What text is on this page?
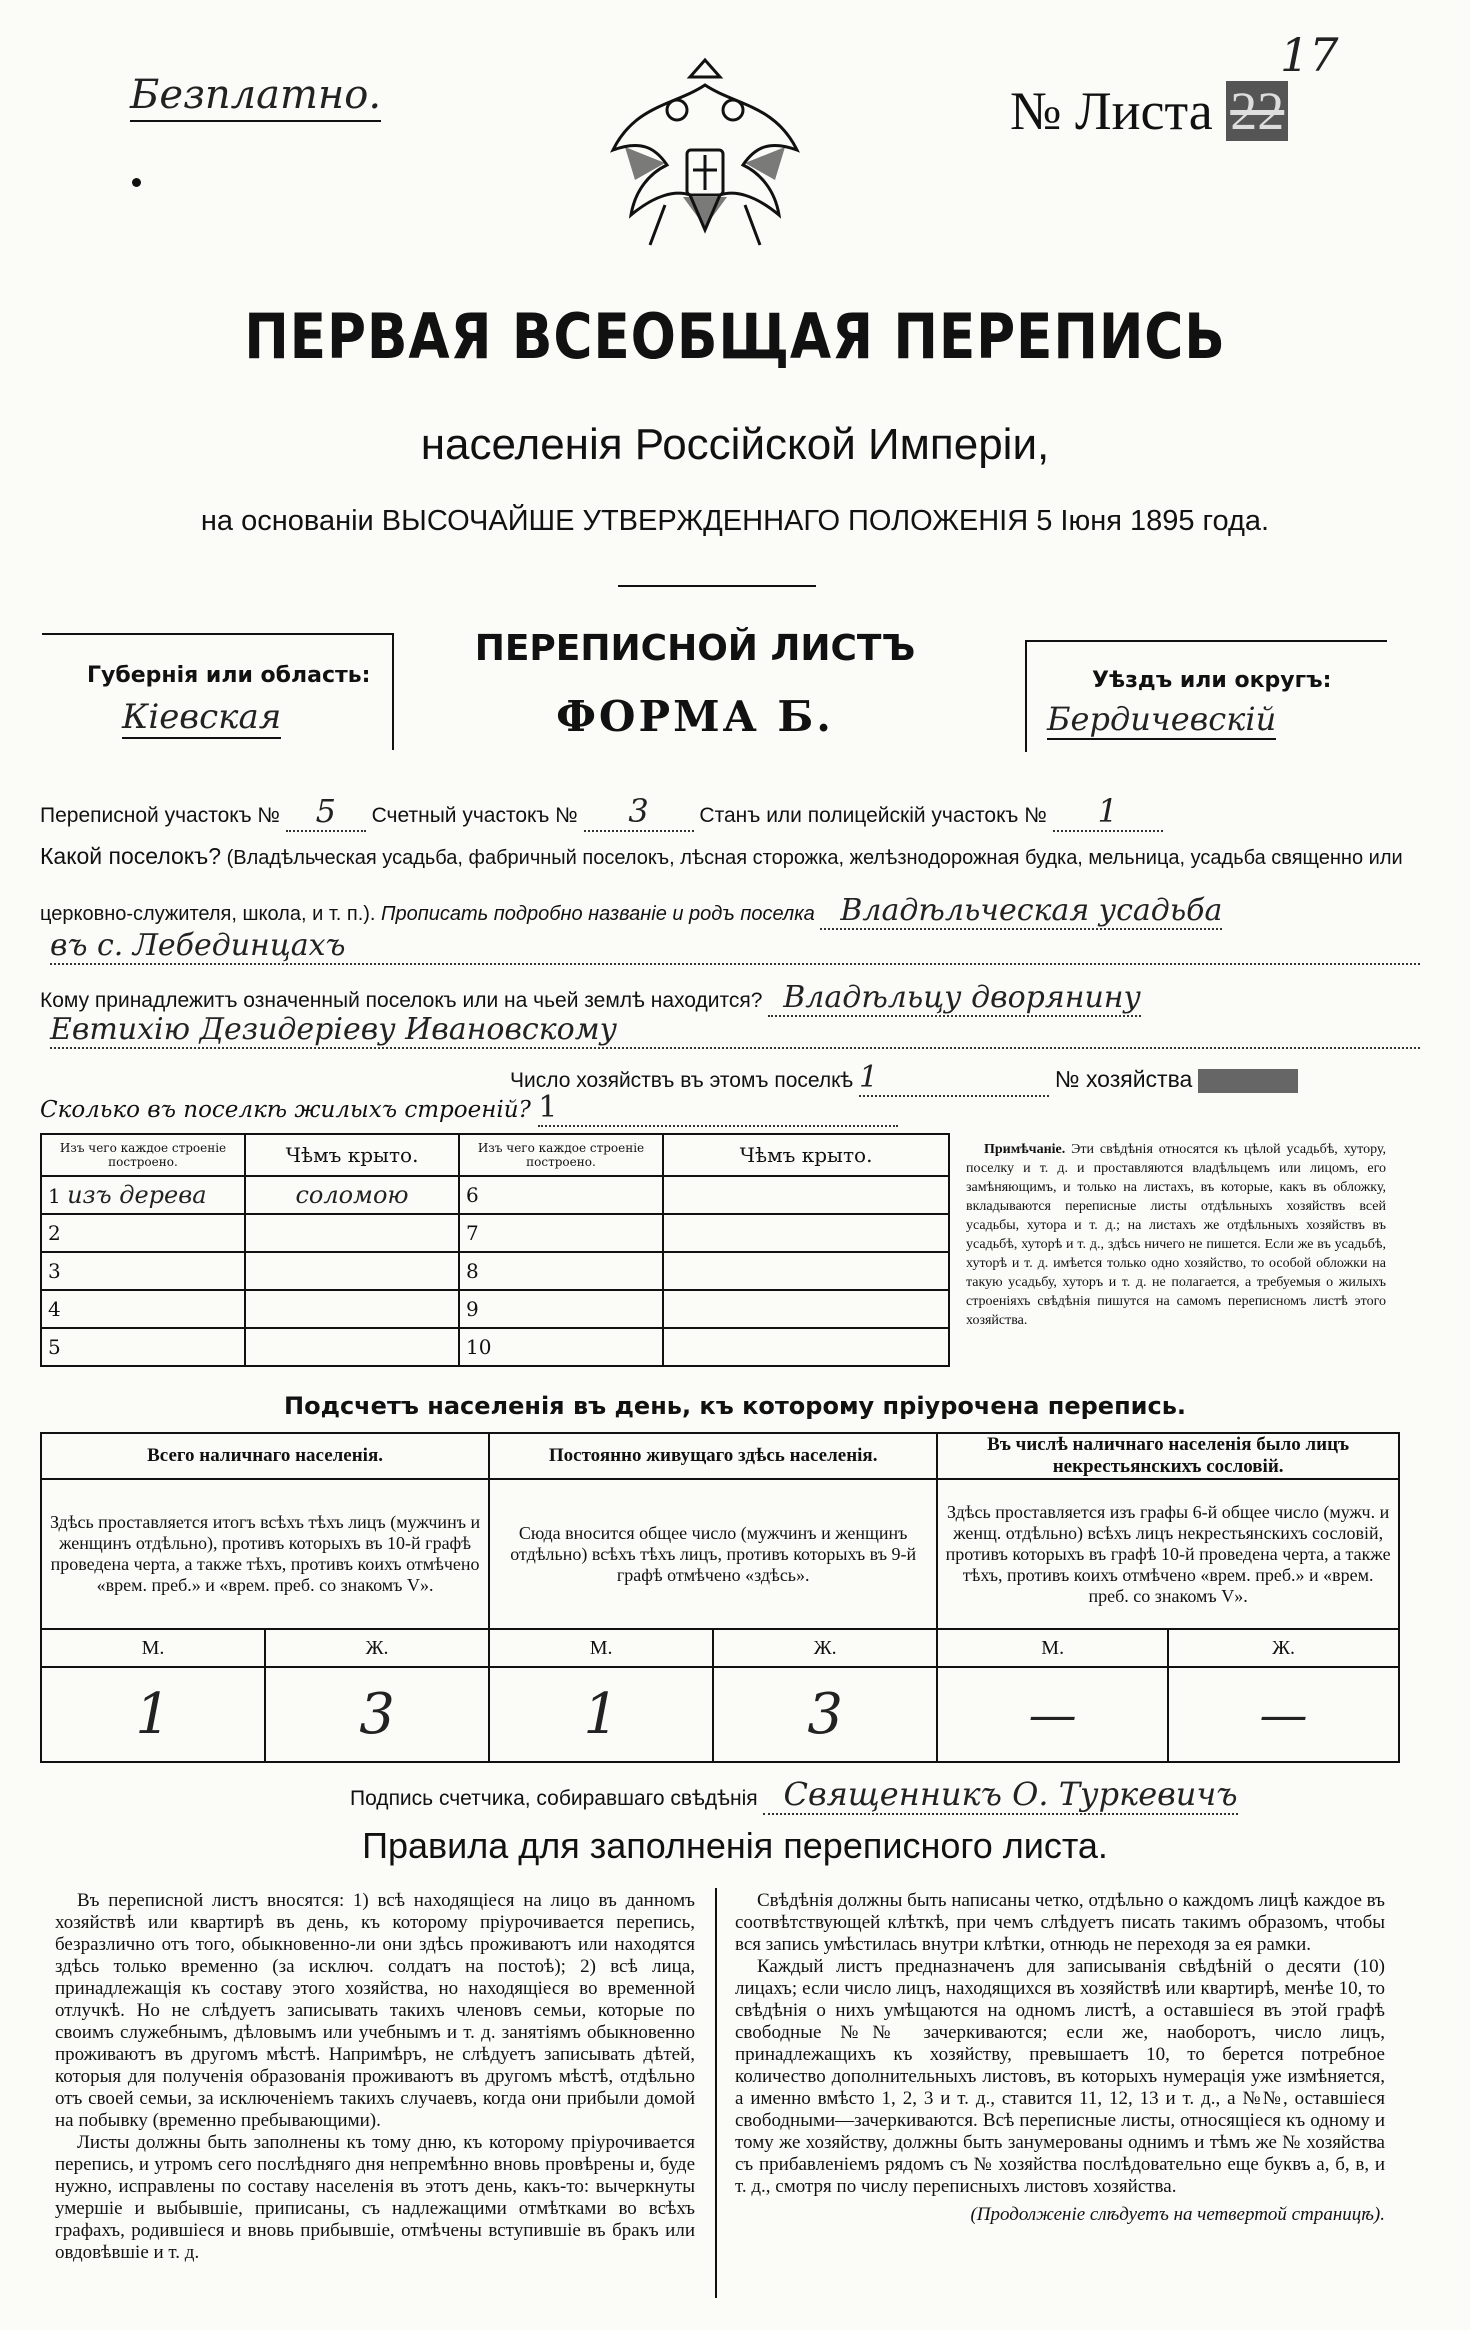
Безплатно.	№ Листа 22
17
ПЕРВАЯ ВСЕОБЩАЯ ПЕРЕПИСЬ
населенія Россійской Имперіи,
на основаніи ВЫСОЧАЙШЕ УТВЕРЖДЕННАГО ПОЛОЖЕНІЯ 5 Іюня 1895 года.
Губернія или область:
Кіевская
ПЕРЕПИСНОЙ ЛИСТЪ
ФОРМА Б.
Уѣздъ или округъ:
Бердичевскій
Переписной участокъ № 5 Счетный участокъ № 3 Станъ или полицейскій участокъ № 1
Какой поселокъ? (Владѣльческая усадьба, фабричный поселокъ, лѣсная сторожка, желѣзнодорожная будка, мельница, усадьба священно или
церковно-служителя, школа, и т. п.). Прописать подробно названіе и родъ поселка Владѣльческая усадьба
въ с. Лебединцахъ
Кому принадлежитъ означенный поселокъ или на чьей землѣ находится? Владѣльцу дворянину
Евтихію Дезидеріеву Ивановскому
Число хозяйствъ въ этомъ поселкѣ 1	№ хозяйства
Сколько въ поселкѣ жилыхъ строеній? 1
Изъ чего каждое строеніе построено.	Чѣмъ крыто.	Изъ чего каждое строеніе построено.	Чѣмъ крыто.
1 изъ дерева	соломою	6	
2		7	
3		8	
4		9	
5		10	
Примѣчаніе. Эти свѣдѣнія относятся къ цѣлой усадьбѣ, хутору, поселку и т. д. и проставляются владѣльцемъ или лицомъ, его замѣняющимъ, и только на листахъ, въ которые, какъ въ обложку, вкладываются переписные листы отдѣльныхъ хозяйствъ всей усадьбы, хутора и т. д.; на листахъ же отдѣльныхъ хозяйствъ въ усадьбѣ, хуторѣ и т. д., здѣсь ничего не пишется. Если же въ усадьбѣ, хуторѣ и т. д. имѣется только одно хозяйство, то особой обложки на такую усадьбу, хуторъ и т. д. не полагается, а требуемыя о жилыхъ строеніяхъ свѣдѣнія пишутся на самомъ переписномъ листѣ этого хозяйства.
Подсчетъ населенія въ день, къ которому пріурочена перепись.
Всего наличнаго населенія.		Постоянно живущаго здѣсь населенія.		Въ числѣ наличнаго населенія было лицъ некрестьянскихъ сословій.	
Здѣсь проставляется итогъ всѣхъ тѣхъ лицъ (мужчинъ и женщинъ отдѣльно), противъ которыхъ въ 10-й графѣ проведена черта, а также тѣхъ, противъ коихъ отмѣчено «врем. преб.» и «врем. преб. со знакомъ V».		Сюда вносится общее число (мужчинъ и женщинъ отдѣльно) всѣхъ тѣхъ лицъ, противъ которыхъ въ 9-й графѣ отмѣчено «здѣсь».		Здѣсь проставляется изъ графы 6-й общее число (мужч. и женщ. отдѣльно) всѣхъ лицъ некрестьянскихъ сословій, противъ которыхъ въ графѣ 10-й проведена черта, а также тѣхъ, противъ коихъ отмѣчено «врем. преб.» и «врем. преб. со знакомъ V».	
М.	Ж.	М.	Ж.	М.	Ж.
1	3	1	3	—	—
Подпись счетчика, собиравшаго свѣдѣнія Священникъ О. Туркевичъ
Правила для заполненія переписного листа.

Въ переписной листъ вносятся: 1) всѣ находящіеся на лицо въ данномъ хозяйствѣ или квартирѣ въ день, къ которому пріурочивается перепись, безразлично отъ того, обыкновенно-ли они здѣсь проживаютъ или находятся здѣсь только временно (за исключ. солдатъ на постоѣ); 2) всѣ лица, принадлежащія къ составу этого хозяйства, но находящіеся во временной отлучкѣ. Но не слѣдуетъ записывать такихъ членовъ семьи, которые по своимъ служебнымъ, дѣловымъ или учебнымъ и т. д. занятіямъ обыкновенно проживаютъ въ другомъ мѣстѣ. Напримѣръ, не слѣдуетъ записывать дѣтей, которыя для полученія образованія проживаютъ въ другомъ мѣстѣ, отдѣльно отъ своей семьи, за исключеніемъ такихъ случаевъ, когда они прибыли домой на побывку (временно пребывающими).

Листы должны быть заполнены къ тому дню, къ которому пріурочивается перепись, и утромъ сего послѣдняго дня непремѣнно вновь провѣрены и, буде нужно, исправлены по составу населенія въ этотъ день, какъ-то: вычеркнуты умершіе и выбывшіе, приписаны, съ надлежащими отмѣтками во всѣхъ графахъ, родившіеся и вновь прибывшіе, отмѣчены вступившіе въ бракъ или овдовѣвшіе и т. д.

Свѣдѣнія должны быть написаны четко, отдѣльно о каждомъ лицѣ каждое въ соотвѣтствующей клѣткѣ, при чемъ слѣдуетъ писать такимъ образомъ, чтобы вся запись умѣстилась внутри клѣтки, отнюдь не переходя за ея рамки.

Каждый листъ предназначенъ для записыванія свѣдѣній о десяти (10) лицахъ; если число лицъ, находящихся въ хозяйствѣ или квартирѣ, менѣе 10, то свѣдѣнія о нихъ умѣщаются на одномъ листѣ, а оставшіеся въ этой графѣ свободные №№ зачеркиваются; если же, наоборотъ, число лицъ, принадлежащихъ къ хозяйству, превышаетъ 10, то берется потребное количество дополнительныхъ листовъ, въ которыхъ нумерація уже измѣняется, а именно вмѣсто 1, 2, 3 и т. д., ставится 11, 12, 13 и т. д., а №№, оставшіеся свободными—зачеркиваются. Всѣ переписные листы, относящіеся къ одному и тому же хозяйству, должны быть занумерованы однимъ и тѣмъ же № хозяйства съ прибавленіемъ рядомъ съ № хозяйства послѣдовательно еще буквъ а, б, в, и т. д., смотря по числу переписныхъ листовъ хозяйства.

(Продолженіе слѣдуетъ на четвертой страницѣ).
